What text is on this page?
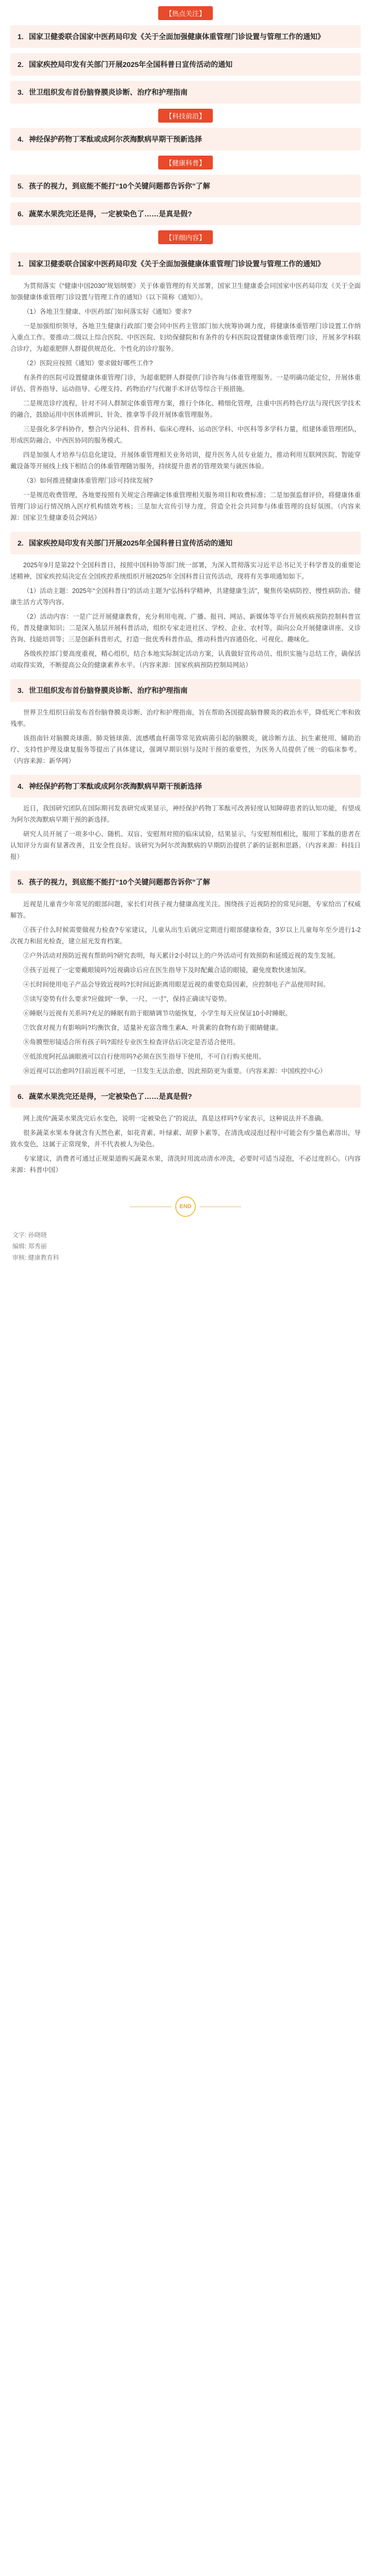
【热点关注】
1. 国家卫健委联合国家中医药局印发《关于全面加强健康体重管理门诊设置与管理工作的通知》
2. 国家疾控局印发有关部门开展2025年全国科普日宣传活动的通知
3. 世卫组织发布首份脑脊膜炎诊断、治疗和护理指南
【科技前沿】
4. 神经保护药物丁苯酞或成阿尔茨海默病早期干预新选择
【健康科普】
5. 孩子的视力，到底能不能打“10个关键问题都告诉你”了解
6. 蔬菜水果洗完还是得，一定被染色了……是真是假?
【详细内容】
1. 国家卫健委联合国家中医药局印发《关于全面加强健康体重管理门诊设置与管理工作的通知》

为贯彻落实《“健康中国2030”规划纲要》关于体重管理的有关部署，国家卫生健康委会同国家中医药局印发《关于全面加强健康体重管理门诊设置与管理工作的通知》（以下简称《通知》）。

（1）各地卫生健康、中医药部门如何落实好《通知》要求?

一是加强组织领导，各地卫生健康行政部门要会同中医药主管部门加大统筹协调力度，将健康体重管理门诊设置工作纳入重点工作。要推动二级以上综合医院、中医医院、妇幼保健院和有条件的专科医院设置健康体重管理门诊，开展多学科联合诊疗，为超重肥胖人群提供规范化、个性化的诊疗服务。

（2）医院应按照《通知》要求做好哪些工作?

有条件的医院可设置健康体重管理门诊，为超重肥胖人群提供门诊咨询与体重管理服务。一是明确功能定位，开展体重评估、营养指导、运动指导、心理支持、药物治疗与代谢手术评估等综合干预措施。

二是规范诊疗流程，针对不同人群制定体重管理方案，推行个体化、精细化管理，注重中医药特色疗法与现代医学技术的融合，鼓励运用中医体质辨识、针灸、推拿等手段开展体重管理服务。

三是强化多学科协作，整合内分泌科、营养科、临床心理科、运动医学科、中医科等多学科力量，组建体重管理团队，形成医防融合、中西医协同的服务模式。

四是加强人才培养与信息化建设，开展体重管理相关业务培训，提升医务人员专业能力，推动利用互联网医院、智能穿戴设备等开展线上线下相结合的体重管理随访服务，持续提升患者的管理效果与就医体验。

（3）如何推进健康体重管理门诊可持续发展?

一是规范收费管理，各地要按照有关规定合理确定体重管理相关服务项目和收费标准；二是加强监督评价，将健康体重管理门诊运行情况纳入医疗机构绩效考核；三是加大宣传引导力度，营造全社会共同参与体重管理的良好氛围。（内容来源：国家卫生健康委员会网站）

2. 国家疾控局印发有关部门开展2025年全国科普日宣传活动的通知

2025年9月是第22个全国科普日，按照中国科协等部门统一部署，为深入贯彻落实习近平总书记关于科学普及的重要论述精神，国家疾控局决定在全国疾控系统组织开展2025年全国科普日宣传活动，现将有关事项通知如下。

（1）活动主题：2025年“全国科普日”的活动主题为“弘扬科学精神，共建健康生活”，聚焦传染病防控、慢性病防治、健康生活方式等内容。

（2）活动内容：一是广泛开展健康教育，充分利用电视、广播、报刊、网站、新媒体等平台开展疾病预防控制科普宣传，普及健康知识；二是深入基层开展科普活动，组织专家走进社区、学校、企业、农村等，面向公众开展健康讲座、义诊咨询、技能培训等；三是创新科普形式，打造一批优秀科普作品，推动科普内容通俗化、可视化、趣味化。

各级疾控部门要高度重视，精心组织，结合本地实际制定活动方案，认真做好宣传动员、组织实施与总结工作，确保活动取得实效，不断提高公众的健康素养水平。（内容来源：国家疾病预防控制局网站）

3. 世卫组织发布首份脑脊膜炎诊断、治疗和护理指南

世界卫生组织日前发布首份脑脊膜炎诊断、治疗和护理指南，旨在帮助各国提高脑脊膜炎的救治水平，降低死亡率和致残率。

该指南针对脑膜炎球菌、肺炎链球菌、流感嗜血杆菌等常见致病菌引起的脑膜炎，就诊断方法、抗生素使用、辅助治疗、支持性护理及康复服务等提出了具体建议，强调早期识别与及时干预的重要性，为医务人员提供了统一的临床参考。（内容来源：新华网）

4. 神经保护药物丁苯酞或成阿尔茨海默病早期干预新选择

近日，我国研究团队在国际期刊发表研究成果显示，神经保护药物丁苯酞可改善轻度认知障碍患者的认知功能，有望成为阿尔茨海默病早期干预的新选择。

研究人员开展了一项多中心、随机、双盲、安慰剂对照的临床试验，结果显示，与安慰剂组相比，服用丁苯酞的患者在认知评分方面有显著改善，且安全性良好。该研究为阿尔茨海默病的早期防治提供了新的证据和思路。（内容来源：科技日报）

5. 孩子的视力，到底能不能打“10个关键问题都告诉你”了解

近视是儿童青少年常见的眼部问题，家长们对孩子视力健康高度关注。围绕孩子近视防控的常见问题，专家给出了权威解答。

①孩子什么时候需要做视力检查?专家建议，儿童从出生后就应定期进行眼部健康检查，3岁以上儿童每年至少进行1-2次视力和屈光检查，建立屈光发育档案。

②户外活动对预防近视有帮助吗?研究表明，每天累计2小时以上的户外活动可有效预防和延缓近视的发生发展。

③孩子近视了一定要戴眼镜吗?近视确诊后应在医生指导下及时配戴合适的眼镜，避免度数快速加深。

④长时间使用电子产品会导致近视吗?长时间近距离用眼是近视的重要危险因素，应控制电子产品使用时间。

⑤读写姿势有什么要求?应做到“一拳、一尺、一寸”，保持正确读写姿势。

⑥睡眠与近视有关系吗?充足的睡眠有助于眼睛调节功能恢复，小学生每天应保证10小时睡眠。

⑦饮食对视力有影响吗?均衡饮食，适量补充富含维生素A、叶黄素的食物有助于眼睛健康。

⑧角膜塑形镜适合所有孩子吗?需经专业医生检查评估后决定是否适合使用。

⑨低浓度阿托品滴眼液可以自行使用吗?必须在医生指导下使用，不可自行购买使用。

⑩近视可以治愈吗?目前近视不可逆，一旦发生无法治愈，因此预防更为重要。（内容来源：中国疾控中心）

6. 蔬菜水果洗完还是得，一定被染色了……是真是假?

网上流传“蔬菜水果洗完后水变色，说明一定被染色了”的说法，真是这样吗?专家表示，这种说法并不准确。

很多蔬菜水果本身就含有天然色素，如花青素、叶绿素、胡萝卜素等，在清洗或浸泡过程中可能会有少量色素溶出，导致水变色，这属于正常现象，并不代表被人为染色。

专家建议，消费者可通过正规渠道购买蔬菜水果，清洗时用流动清水冲洗，必要时可适当浸泡，不必过度担心。（内容来源：科普中国）

END
文字: 孙晓晓
编辑: 郑秀丽
审核: 健康教育科
